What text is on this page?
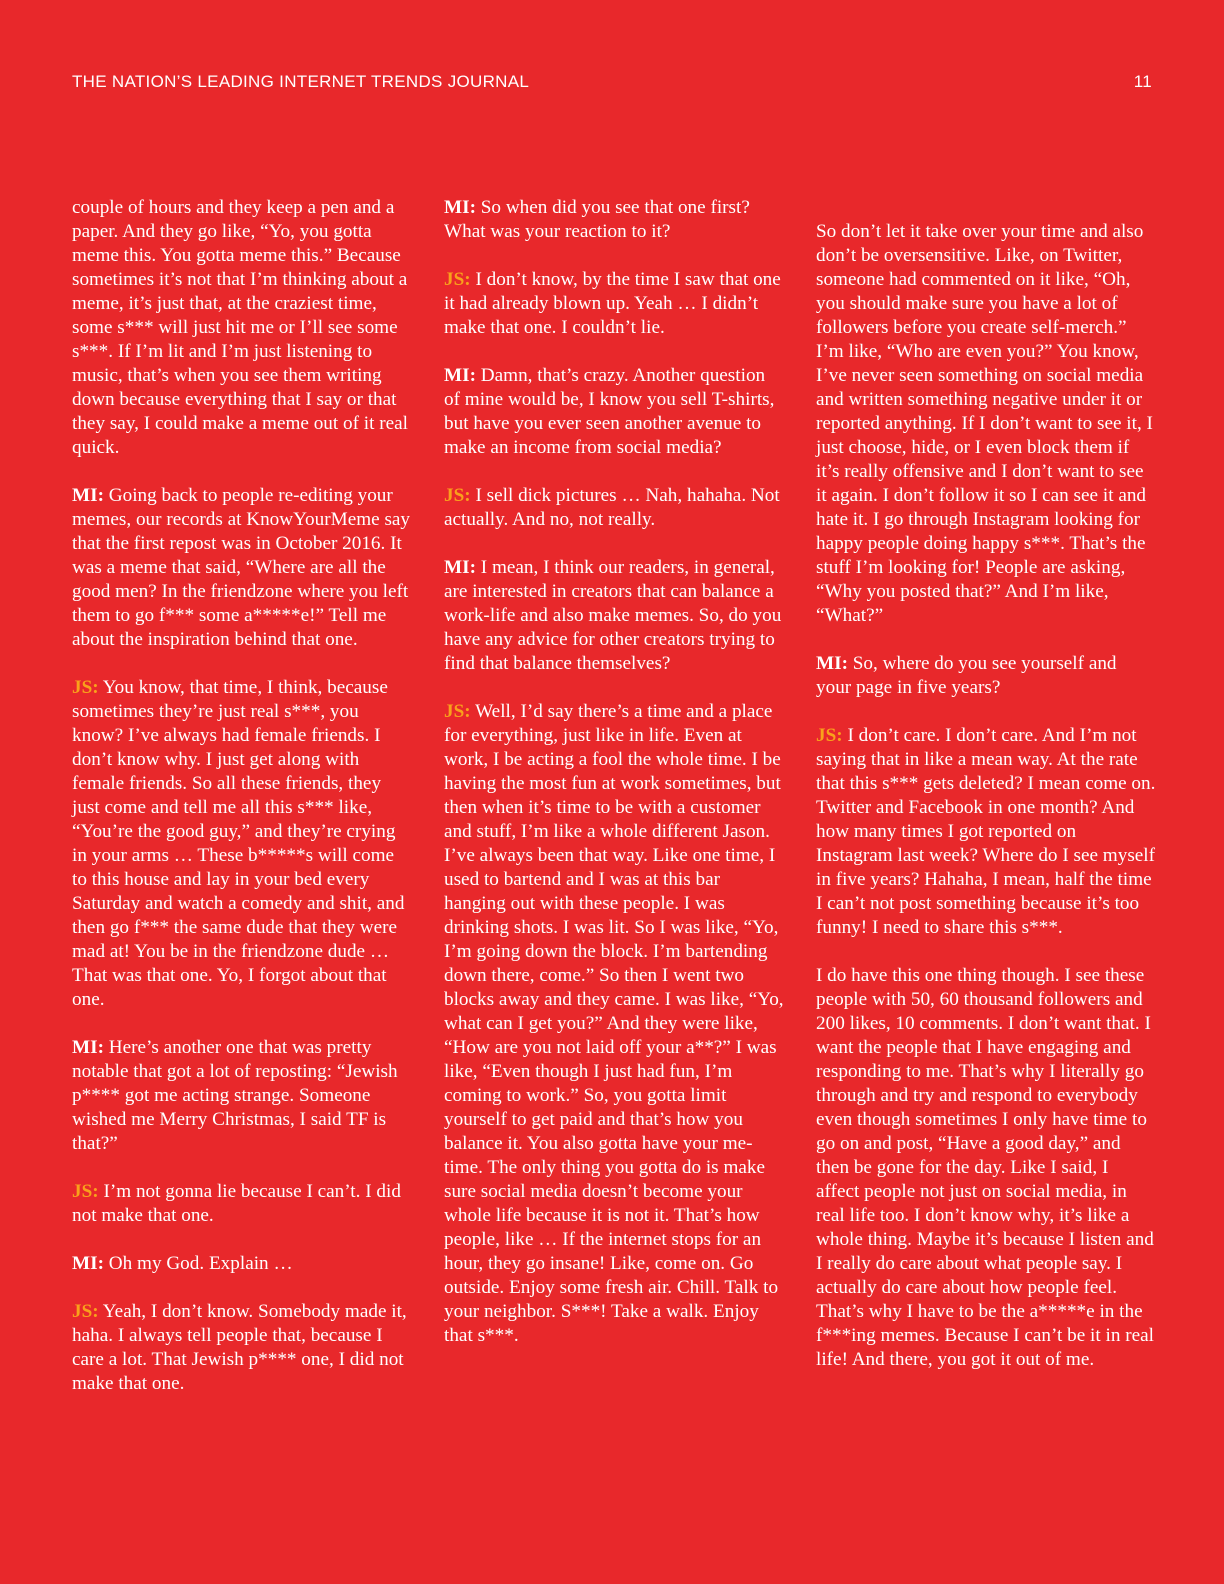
THE NATION’S LEADING INTERNET TRENDS JOURNAL	11

couple of hours and they keep a pen and a paper. And they go like, “Yo, you gotta meme this. You gotta meme this.” Because sometimes it’s not that I’m thinking about a meme, it’s just that, at the craziest time, some s*** will just hit me or I’ll see some s***. If I’m lit and I’m just listening to music, that’s when you see them writing down because everything that I say or that they say, I could make a meme out of it real quick.

MI: Going back to people re-editing your memes, our records at KnowYourMeme say that the first repost was in October 2016. It was a meme that said, “Where are all the good men? In the friendzone where you left them to go f*** some a*****e!” Tell me about the inspiration behind that one.

JS: You know, that time, I think, because sometimes they’re just real s***, you know? I’ve always had female friends. I don’t know why. I just get along with female friends. So all these friends, they just come and tell me all this s*** like, “You’re the good guy,” and they’re crying in your arms … These b*****s will come to this house and lay in your bed every Saturday and watch a comedy and shit, and then go f*** the same dude that they were mad at! You be in the friendzone dude … That was that one. Yo, I forgot about that one.

MI: Here’s another one that was pretty notable that got a lot of reposting: “Jewish p**** got me acting strange. Someone wished me Merry Christmas, I said TF is that?”

JS: I’m not gonna lie because I can’t. I did not make that one.

MI: Oh my God. Explain …

JS: Yeah, I don’t know. Somebody made it, haha. I always tell people that, because I care a lot. That Jewish p**** one, I did not make that one.

MI: So when did you see that one first? What was your reaction to it?

JS: I don’t know, by the time I saw that one it had already blown up. Yeah … I didn’t make that one. I couldn’t lie.

MI: Damn, that’s crazy. Another question of mine would be, I know you sell T-shirts, but have you ever seen another avenue to make an income from social media?

JS: I sell dick pictures … Nah, hahaha. Not actually. And no, not really.

MI: I mean, I think our readers, in general, are interested in creators that can balance a work-life and also make memes. So, do you have any advice for other creators trying to find that balance themselves?

JS: Well, I’d say there’s a time and a place for everything, just like in life. Even at work, I be acting a fool the whole time. I be having the most fun at work sometimes, but then when it’s time to be with a customer and stuff, I’m like a whole different Jason. I’ve always been that way. Like one time, I used to bartend and I was at this bar hanging out with these people. I was drinking shots. I was lit. So I was like, “Yo, I’m going down the block. I’m bartending down there, come.” So then I went two blocks away and they came. I was like, “Yo, what can I get you?” And they were like, “How are you not laid off your a**?” I was like, “Even though I just had fun, I’m coming to work.” So, you gotta limit yourself to get paid and that’s how you balance it. You also gotta have your me-time. The only thing you gotta do is make sure social media doesn’t become your whole life because it is not it. That’s how people, like … If the internet stops for an hour, they go insane! Like, come on. Go outside. Enjoy some fresh air. Chill. Talk to your neighbor. S***! Take a walk. Enjoy that s***.

So don’t let it take over your time and also don’t be oversensitive. Like, on Twitter, someone had commented on it like, “Oh, you should make sure you have a lot of followers before you create self-merch.” I’m like, “Who are even you?” You know, I’ve never seen something on social media and written something negative under it or reported anything. If I don’t want to see it, I just choose, hide, or I even block them if it’s really offensive and I don’t want to see it again. I don’t follow it so I can see it and hate it. I go through Instagram looking for happy people doing happy s***. That’s the stuff I’m looking for! People are asking, “Why you posted that?” And I’m like, “What?”

MI: So, where do you see yourself and your page in five years?

JS: I don’t care. I don’t care. And I’m not saying that in like a mean way. At the rate that this s*** gets deleted? I mean come on. Twitter and Facebook in one month? And how many times I got reported on Instagram last week? Where do I see myself in five years? Hahaha, I mean, half the time I can’t not post something because it’s too funny! I need to share this s***.

I do have this one thing though. I see these people with 50, 60 thousand followers and 200 likes, 10 comments. I don’t want that. I want the people that I have engaging and responding to me. That’s why I literally go through and try and respond to everybody even though sometimes I only have time to go on and post, “Have a good day,” and then be gone for the day. Like I said, I affect people not just on social media, in real life too. I don’t know why, it’s like a whole thing. Maybe it’s because I listen and I really do care about what people say. I actually do care about how people feel. That’s why I have to be the a*****e in the f***ing memes. Because I can’t be it in real life! And there, you got it out of me.
